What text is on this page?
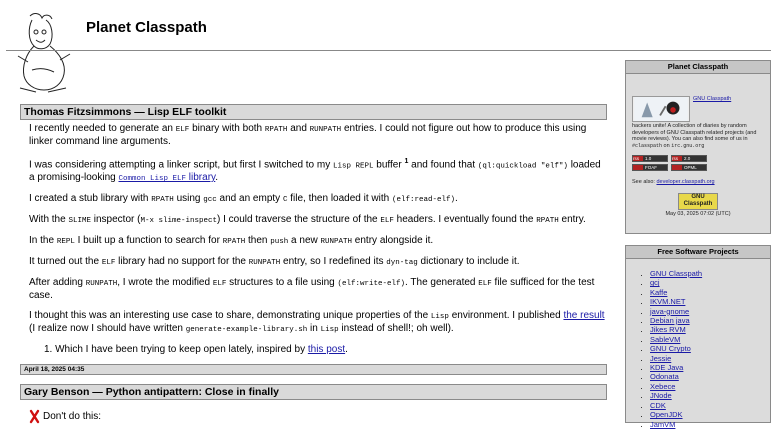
Planet Classpath
Thomas Fitzsimmons — Lisp ELF toolkit

I recently needed to generate an ELF binary with both RPATH and RUNPATH entries. I could not figure out how to produce this using linker command line arguments.

I was considering attempting a linker script, but first I switched to my Lisp REPL buffer $^1$ and found that (ql:quickload "elf") loaded a promising-looking Common Lisp ELF library.

I created a stub library with RPATH using gcc and an empty C file, then loaded it with (elf:read-elf).

With the SLIME inspector (M-x slime-inspect) I could traverse the structure of the ELF headers. I eventually found the RPATH entry.

In the REPL I built up a function to search for RPATH then push a new RUNPATH entry alongside it.

It turned out the ELF library had no support for the RUNPATH entry, so I redefined its dyn-tag dictionary to include it.

After adding RUNPATH, I wrote the modified ELF structures to a file using (elf:write-elf). The generated ELF file sufficed for the test case.

I thought this was an interesting use case to share, demonstrating unique properties of the Lisp environment. I published the result (I realize now I should have written generate-example-library.sh in Lisp instead of shell!; oh well).

1. Which I have been trying to keep open lately, inspired by this post.

April 18, 2025 04:35
Gary Benson — Python antipattern: Close in finally
Don't do this:
Planet Classpath
GNU Classpath
hackers unite! A collection of diaries by random developers of GNU Classpath related projects (and movie reviews). You can also find some of us in #classpath on irc.gnu.org
rss	1.0	rss	2.0
FOAF	OPML
See also: developer.classpath.org
GNU Classpath
May 03, 2025 07:02 (UTC)
Free Software Projects
• GNU Classpath
• gcj
• Kaffe
• IKVM.NET
• java-gnome
• Debian java
• Jikes RVM
• SableVM
• GNU Crypto
• Jessie
• KDE Java
• Odonata
• Xebece
• JNode
• CDK
• OpenJDK
• JamVM
